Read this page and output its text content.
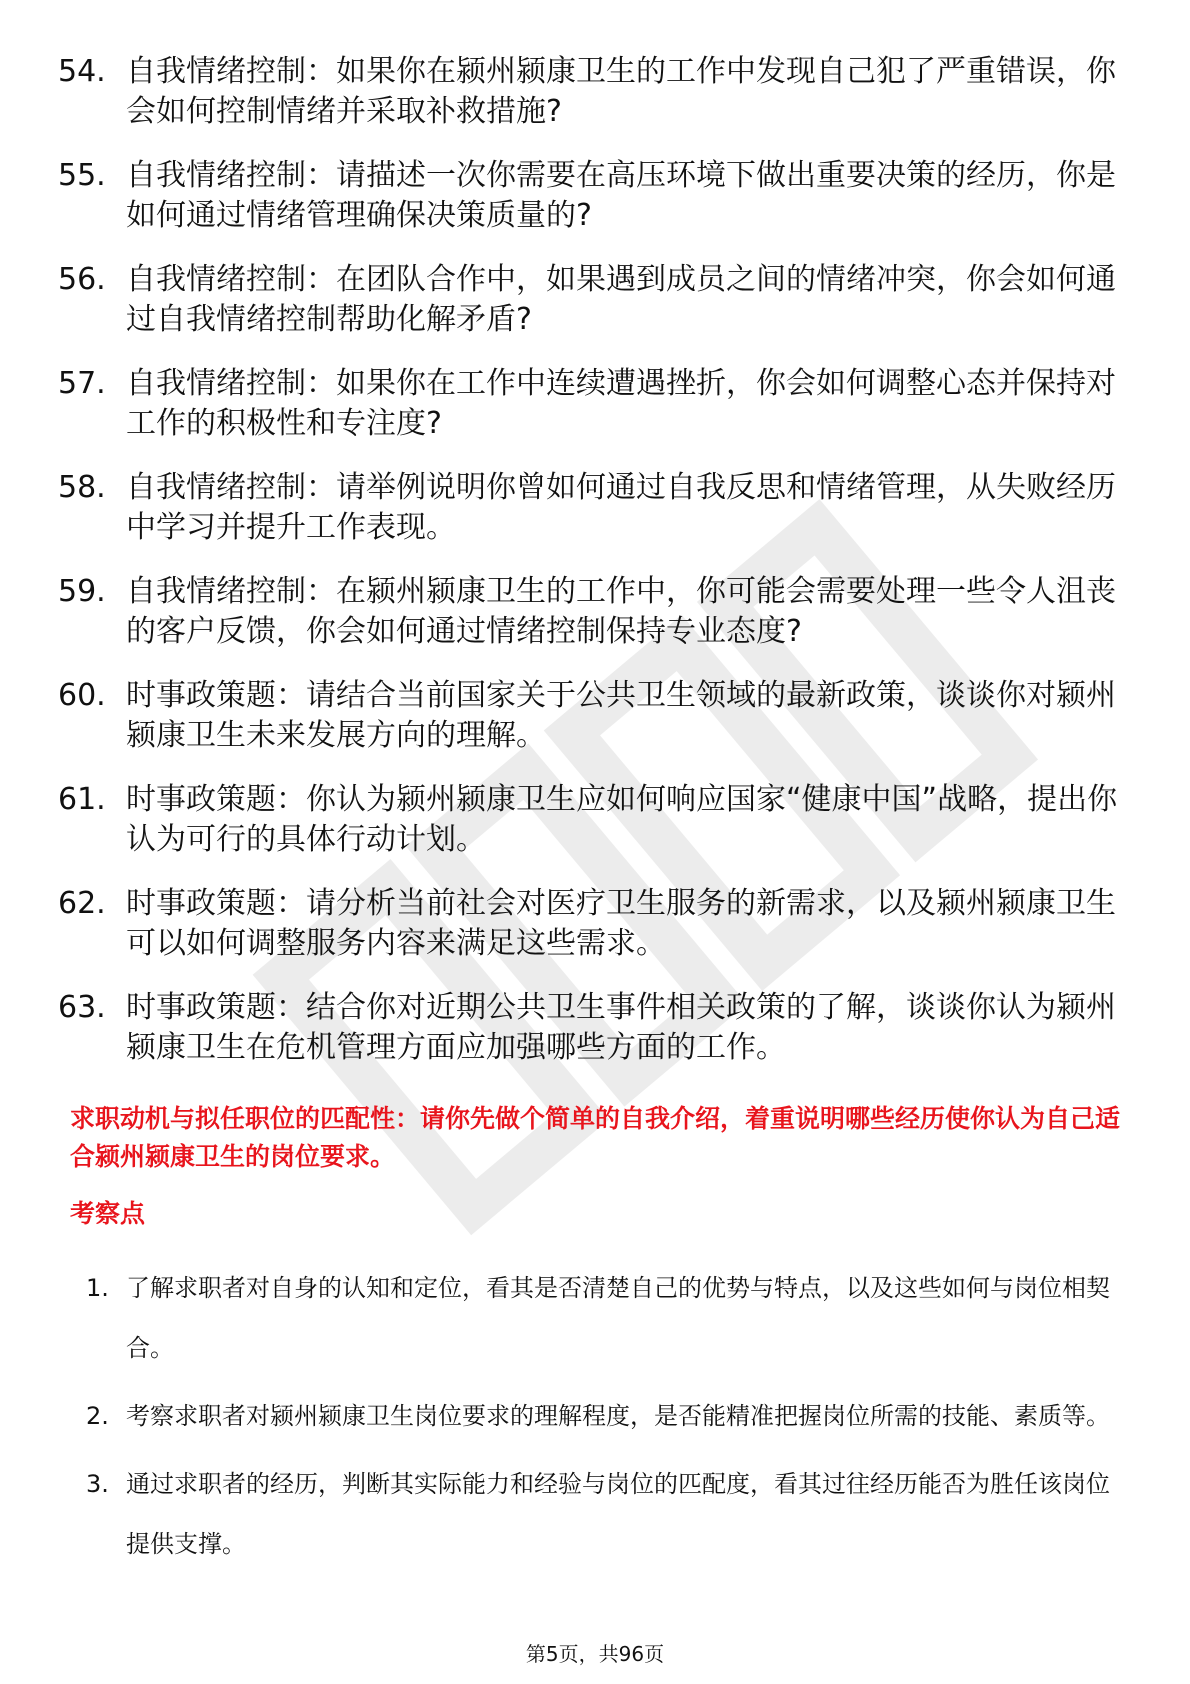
54. 自我情绪控制：如果你在颍州颍康卫生的工作中发现自己犯了严重错误，你会如何控制情绪并采取补救措施?
55. 自我情绪控制：请描述一次你需要在高压环境下做出重要决策的经历，你是如何通过情绪管理确保决策质量的?
56. 自我情绪控制：在团队合作中，如果遇到成员之间的情绪冲突，你会如何通过自我情绪控制帮助化解矛盾?
57. 自我情绪控制：如果你在工作中连续遭遇挫折，你会如何调整心态并保持对工作的积极性和专注度?
58. 自我情绪控制：请举例说明你曾如何通过自我反思和情绪管理，从失败经历中学习并提升工作表现。
59. 自我情绪控制：在颍州颍康卫生的工作中，你可能会需要处理一些令人沮丧的客户反馈，你会如何通过情绪控制保持专业态度?
60. 时事政策题：请结合当前国家关于公共卫生领域的最新政策，谈谈你对颍州颍康卫生未来发展方向的理解。
61. 时事政策题：你认为颍州颍康卫生应如何响应国家“健康中国”战略，提出你认为可行的具体行动计划。
62. 时事政策题：请分析当前社会对医疗卫生服务的新需求，以及颍州颍康卫生可以如何调整服务内容来满足这些需求。
63. 时事政策题：结合你对近期公共卫生事件相关政策的了解，谈谈你认为颍州颍康卫生在危机管理方面应加强哪些方面的工作。

求职动机与拟任职位的匹配性：请你先做个简单的自我介绍，着重说明哪些经历使你认为自己适合颍州颍康卫生的岗位要求。

考察点

1. 了解求职者对自身的认知和定位，看其是否清楚自己的优势与特点，以及这些如何与岗位相契合。
2. 考察求职者对颍州颍康卫生岗位要求的理解程度，是否能精准把握岗位所需的技能、素质等。
3. 通过求职者的经历，判断其实际能力和经验与岗位的匹配度，看其过往经历能否为胜任该岗位提供支撑。
第5页，共96页
